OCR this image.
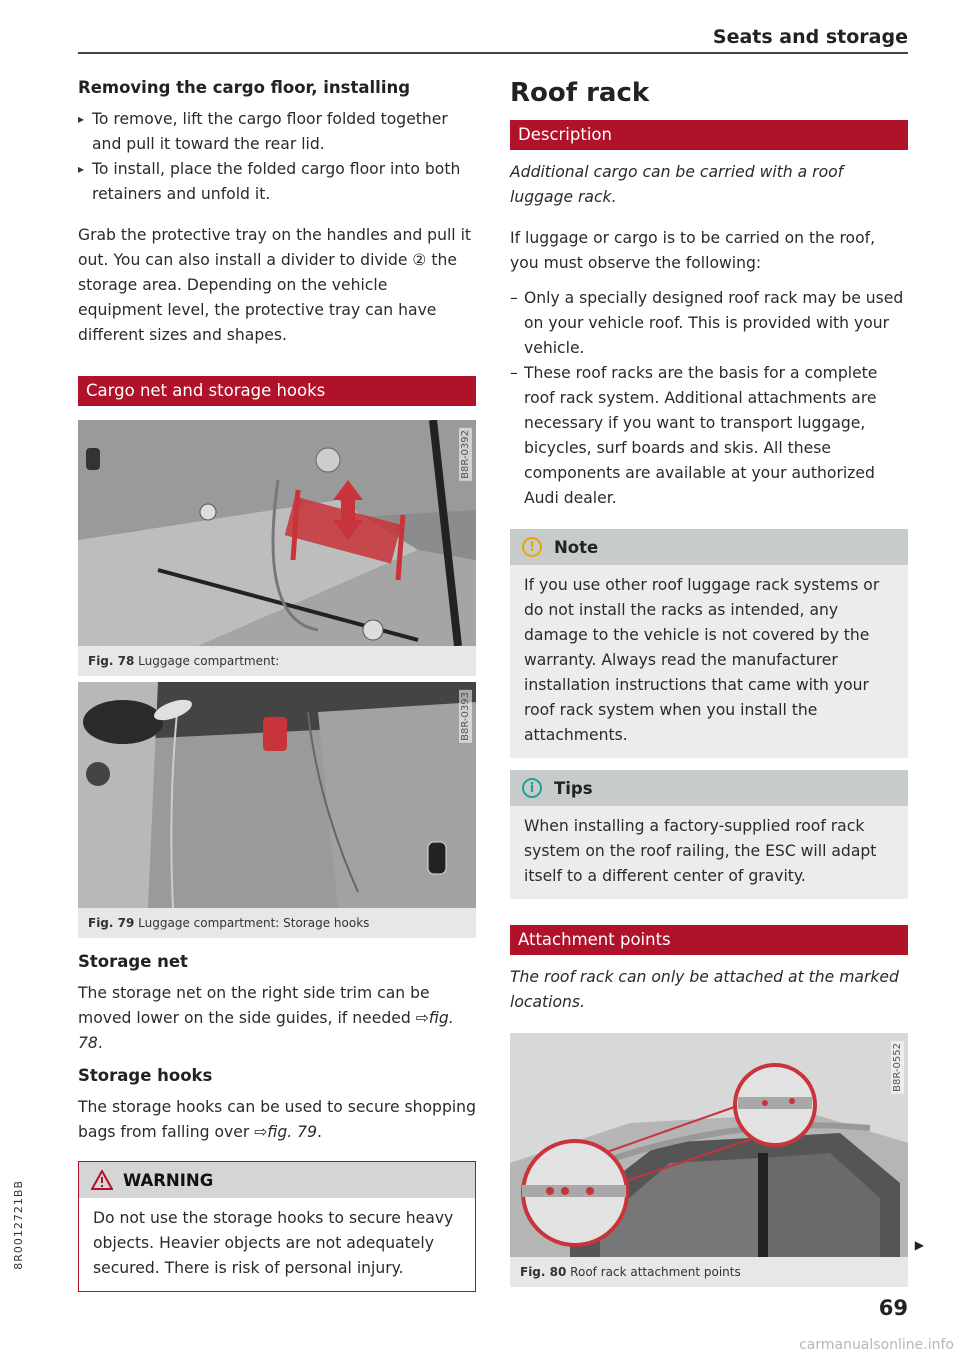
Seats and storage
Removing the cargo floor, installing
▸ To remove, lift the cargo floor folded together and pull it toward the rear lid.
▸ To install, place the folded cargo floor into both retainers and unfold it.

Grab the protective tray on the handles and pull it out. You can also install a divider to divide ② the storage area. Depending on the vehicle equipment level, the protective tray can have different sizes and shapes.

Cargo net and storage hooks
B8R-0392
Fig. 78 Luggage compartment:
B8R-0393
Fig. 79 Luggage compartment: Storage hooks
Storage net

The storage net on the right side trim can be moved lower on the side guides, if needed ⇨fig. 78.

Storage hooks

The storage hooks can be used to secure shopping bags from falling over ⇨fig. 79.

WARNING

Do not use the storage hooks to secure heavy objects. Heavier objects are not adequately secured. There is risk of personal injury.

Roof rack
Description

Additional cargo can be carried with a roof luggage rack.

If luggage or cargo is to be carried on the roof, you must observe the following:

– Only a specially designed roof rack may be used on your vehicle roof. This is provided with your vehicle.
– These roof racks are the basis for a complete roof rack system. Additional attachments are necessary if you want to transport luggage, bicycles, surf boards and skis. All these components are available at your authorized Audi dealer.
!	Note

If you use other roof luggage rack systems or do not install the racks as intended, any damage to the vehicle is not covered by the warranty. Always read the manufacturer installation instructions that came with your roof rack system when you install the attachments.

i	Tips

When installing a factory-supplied roof rack system on the roof railing, the ESC will adapt itself to a different center of gravity.

Attachment points

The roof rack can only be attached at the marked locations.

B8R-0552
Fig. 80 Roof rack attachment points
▶
8R0012721BB
69
carmanualsonline.info
